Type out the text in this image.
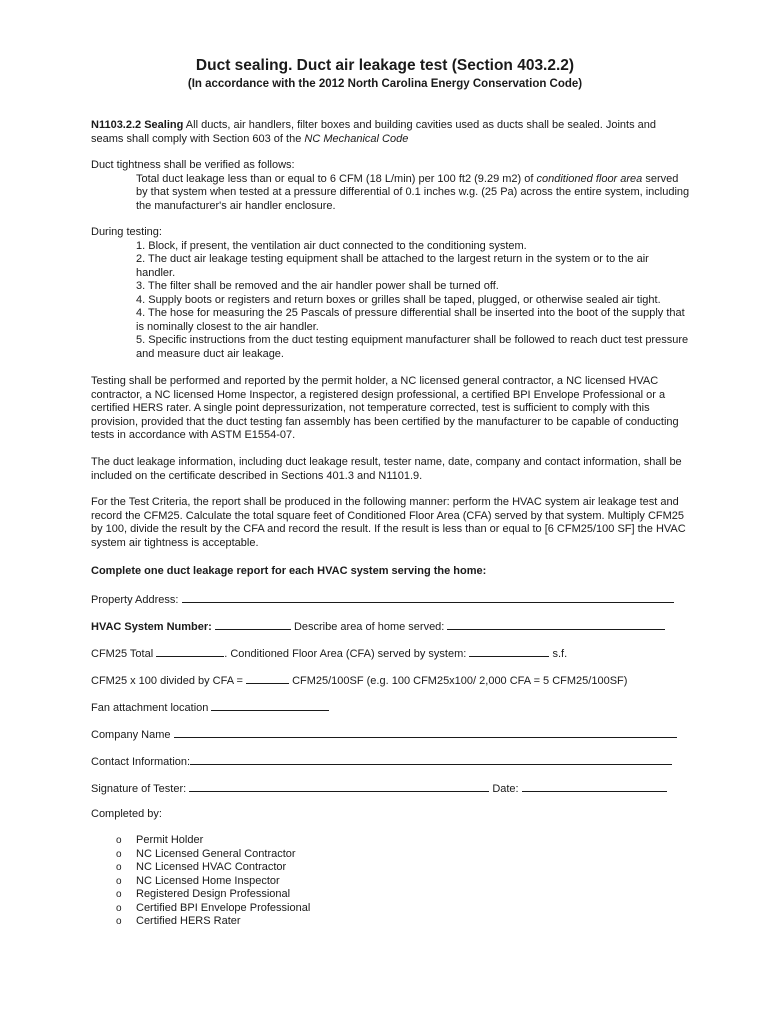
Duct sealing. Duct air leakage test (Section 403.2.2)
(In accordance with the 2012 North Carolina Energy Conservation Code)
N1103.2.2 Sealing All ducts, air handlers, filter boxes and building cavities used as ducts shall be sealed. Joints and seams shall comply with Section 603 of the NC Mechanical Code
Duct tightness shall be verified as follows:
Total duct leakage less than or equal to 6 CFM (18 L/min) per 100 ft2 (9.29 m2) of conditioned floor area served by that system when tested at a pressure differential of 0.1 inches w.g. (25 Pa) across the entire system, including the manufacturer's air handler enclosure.
During testing:
1. Block, if present, the ventilation air duct connected to the conditioning system.
2. The duct air leakage testing equipment shall be attached to the largest return in the system or to the air handler.
3. The filter shall be removed and the air handler power shall be turned off.
4. Supply boots or registers and return boxes or grilles shall be taped, plugged, or otherwise sealed air tight.
4. The hose for measuring the 25 Pascals of pressure differential shall be inserted into the boot of the supply that is nominally closest to the air handler.
5. Specific instructions from the duct testing equipment manufacturer shall be followed to reach duct test pressure and measure duct air leakage.
Testing shall be performed and reported by the permit holder, a NC licensed general contractor, a NC licensed HVAC contractor, a NC licensed Home Inspector, a registered design professional, a certified BPI Envelope Professional or a certified HERS rater. A single point depressurization, not temperature corrected, test is sufficient to comply with this provision, provided that the duct testing fan assembly has been certified by the manufacturer to be capable of conducting tests in accordance with ASTM E1554-07.
The duct leakage information, including duct leakage result, tester name, date, company and contact information, shall be included on the certificate described in Sections 401.3 and N1101.9.
For the Test Criteria, the report shall be produced in the following manner: perform the HVAC system air leakage test and record the CFM25. Calculate the total square feet of Conditioned Floor Area (CFA) served by that system. Multiply CFM25 by 100, divide the result by the CFA and record the result. If the result is less than or equal to [6 CFM25/100 SF] the HVAC system air tightness is acceptable.
Complete one duct leakage report for each HVAC system serving the home:
Property Address:
HVAC System Number:	Describe area of home served:
CFM25 Total	. Conditioned Floor Area (CFA) served by system:	s.f.
CFM25 x 100 divided by CFA =	CFM25/100SF (e.g. 100 CFM25x100/ 2,000 CFA = 5 CFM25/100SF)
Fan attachment location
Company Name
Contact Information:
Signature of Tester:	Date:
Completed by:
o	Permit Holder
o	NC Licensed General Contractor
o	NC Licensed HVAC Contractor
o	NC Licensed Home Inspector
o	Registered Design Professional
o	Certified BPI Envelope Professional
o	Certified HERS Rater
